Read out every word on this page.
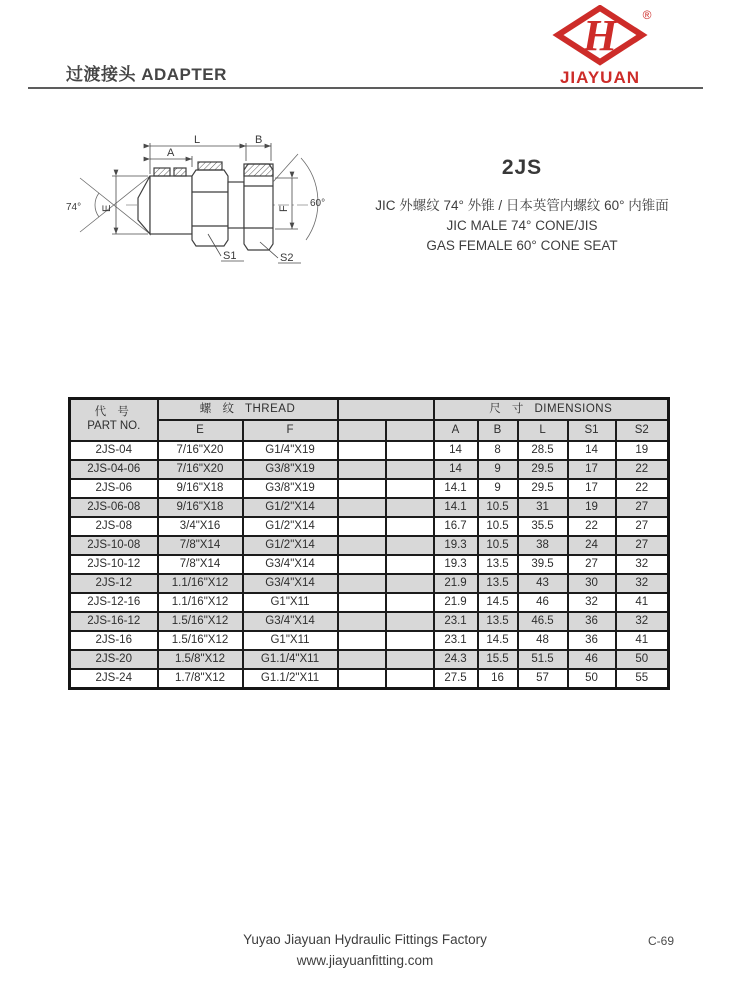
过渡接头 ADAPTER
H ®
JIAYUAN
L	B
A
E	F
S1	S2
74°	60°

2JS

JIC 外螺纹 74° 外锥 / 日本英管内螺纹 60° 内锥面

JIC MALE 74° CONE/JIS

GAS FEMALE 60° CONE SEAT

代 号
PART NO.	螺 纹 THREAD				尺 寸 DIMENSIONS				
	E	F			A	B	L	S1	S2
2JS-04	7/16"X20	G1/4"X19			14	8	28.5	14	19
2JS-04-06	7/16"X20	G3/8"X19			14	9	29.5	17	22
2JS-06	9/16"X18	G3/8"X19			14.1	9	29.5	17	22
2JS-06-08	9/16"X18	G1/2"X14			14.1	10.5	31	19	27
2JS-08	3/4"X16	G1/2"X14			16.7	10.5	35.5	22	27
2JS-10-08	7/8"X14	G1/2"X14			19.3	10.5	38	24	27
2JS-10-12	7/8"X14	G3/4"X14			19.3	13.5	39.5	27	32
2JS-12	1.1/16"X12	G3/4"X14			21.9	13.5	43	30	32
2JS-12-16	1.1/16"X12	G1"X11			21.9	14.5	46	32	41
2JS-16-12	1.5/16"X12	G3/4"X14			23.1	13.5	46.5	36	32
2JS-16	1.5/16"X12	G1"X11			23.1	14.5	48	36	41
2JS-20	1.5/8"X12	G1.1/4"X11			24.3	15.5	51.5	46	50
2JS-24	1.7/8"X12	G1.1/2"X11			27.5	16	57	50	55
Yuyao Jiayuan Hydraulic Fittings Factory
www.jiayuanfitting.com
C-69
